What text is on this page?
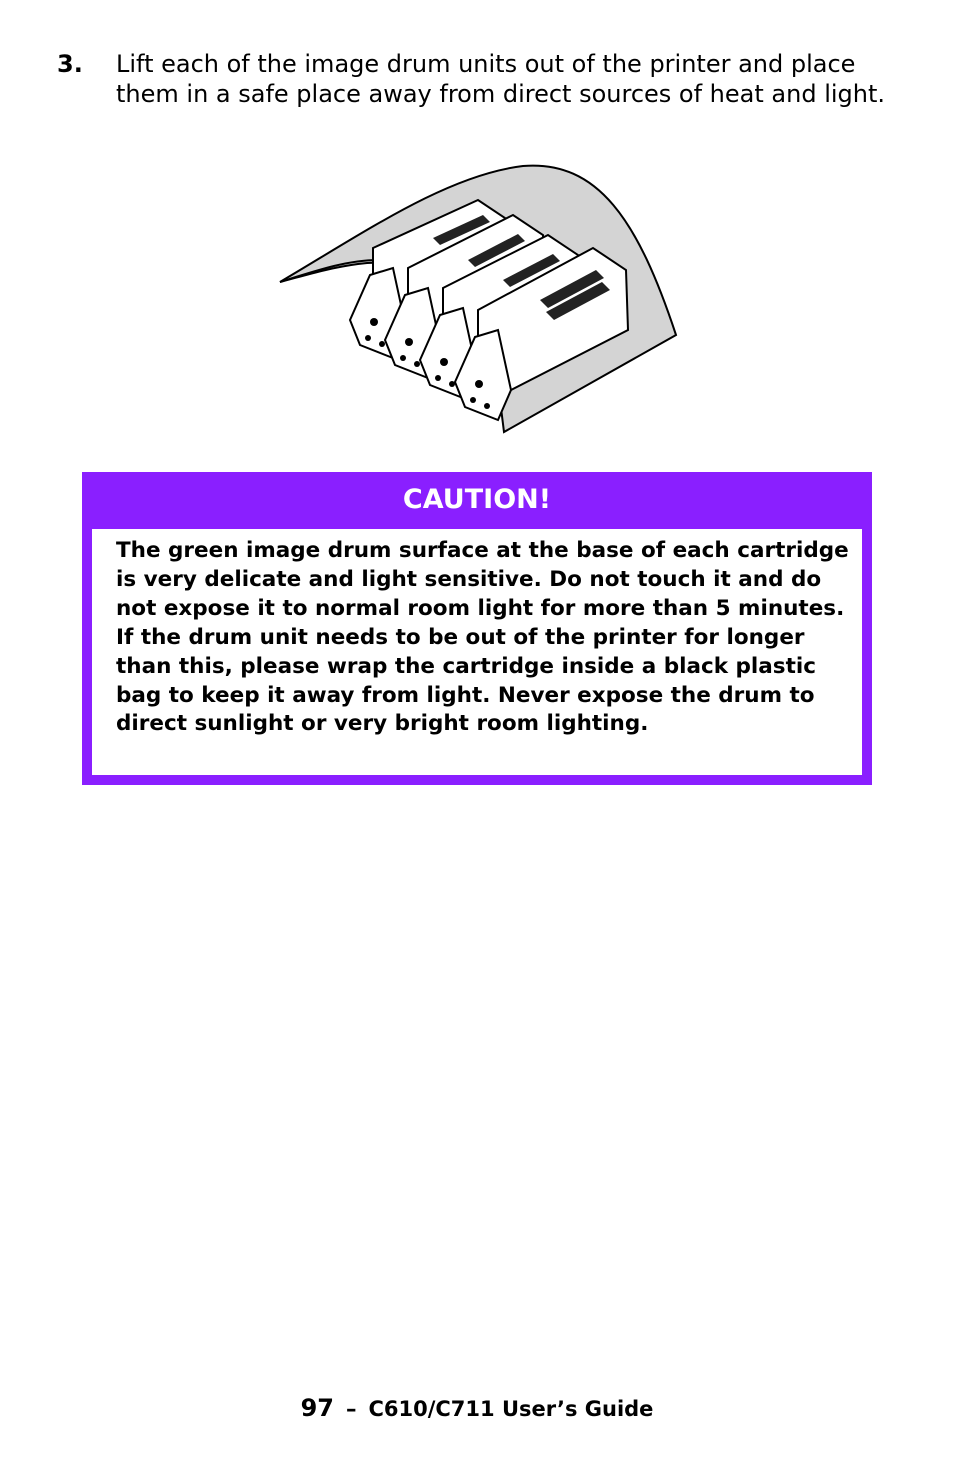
3. Lift each of the image drum units out of the printer and place them in a safe place away from direct sources of heat and light.
CAUTION!
The green image drum surface at the base of each cartridge is very delicate and light sensitive. Do not touch it and do not expose it to normal room light for more than 5 minutes. If the drum unit needs to be out of the printer for longer than this, please wrap the cartridge inside a black plastic bag to keep it away from light. Never expose the drum to direct sunlight or very bright room lighting.
97 – C610/C711 User’s Guide
